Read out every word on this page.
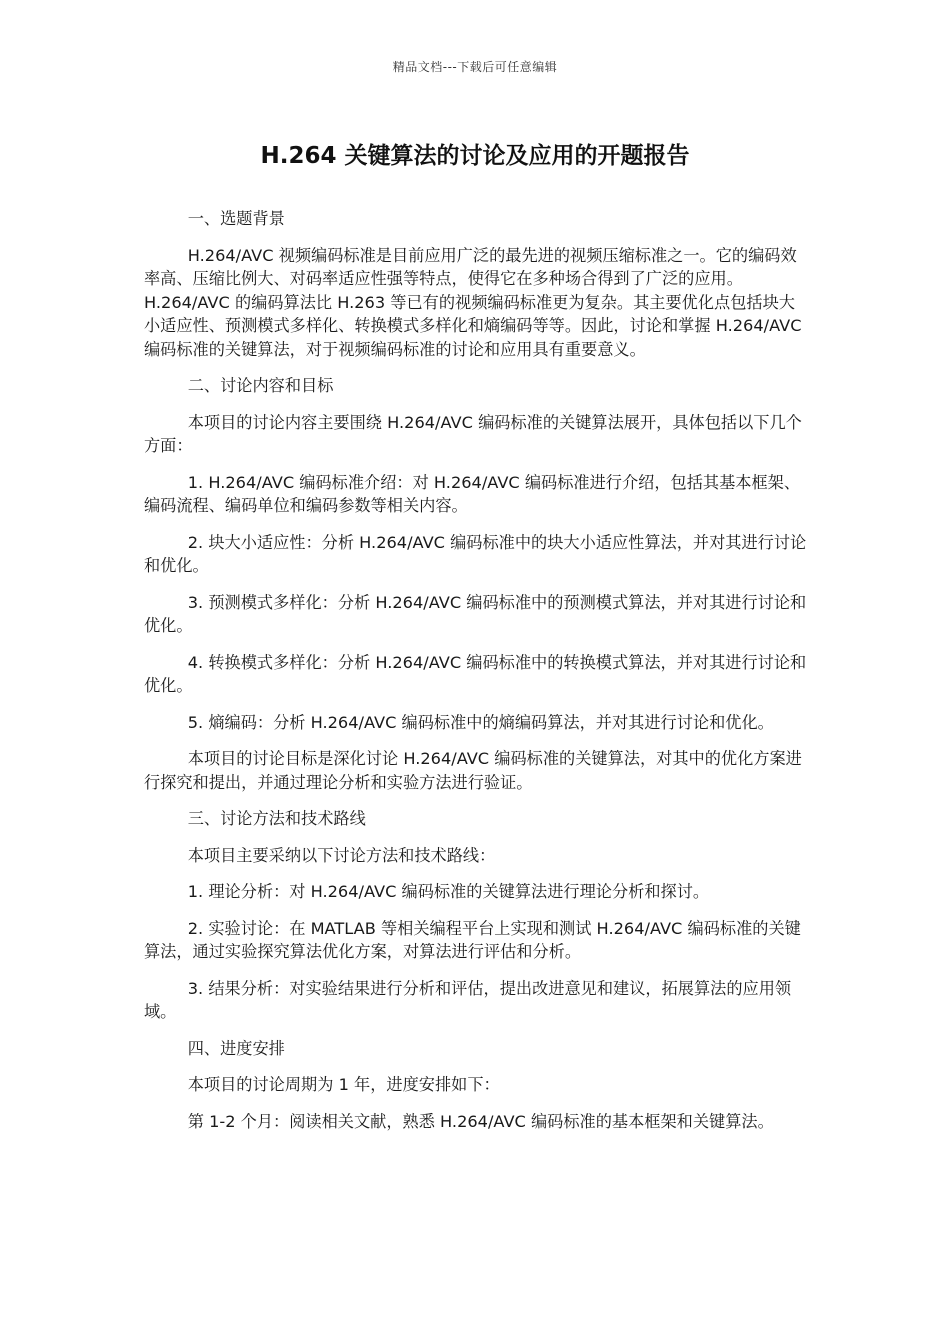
精品文档---下载后可任意编辑
H.264 关键算法的讨论及应用的开题报告

一、选题背景

H.264/AVC 视频编码标准是目前应用广泛的最先进的视频压缩标准之一。它的编码效率高、压缩比例大、对码率适应性强等特点，使得它在多种场合得到了广泛的应用。H.264/AVC 的编码算法比 H.263 等已有的视频编码标准更为复杂。其主要优化点包括块大小适应性、预测模式多样化、转换模式多样化和熵编码等等。因此，讨论和掌握 H.264/AVC 编码标准的关键算法，对于视频编码标准的讨论和应用具有重要意义。

二、讨论内容和目标

本项目的讨论内容主要围绕 H.264/AVC 编码标准的关键算法展开，具体包括以下几个方面：

1. H.264/AVC 编码标准介绍：对 H.264/AVC 编码标准进行介绍，包括其基本框架、编码流程、编码单位和编码参数等相关内容。

2. 块大小适应性：分析 H.264/AVC 编码标准中的块大小适应性算法，并对其进行讨论和优化。

3. 预测模式多样化：分析 H.264/AVC 编码标准中的预测模式算法，并对其进行讨论和优化。

4. 转换模式多样化：分析 H.264/AVC 编码标准中的转换模式算法，并对其进行讨论和优化。

5. 熵编码：分析 H.264/AVC 编码标准中的熵编码算法，并对其进行讨论和优化。

本项目的讨论目标是深化讨论 H.264/AVC 编码标准的关键算法，对其中的优化方案进行探究和提出，并通过理论分析和实验方法进行验证。

三、讨论方法和技术路线

本项目主要采纳以下讨论方法和技术路线：

1. 理论分析：对 H.264/AVC 编码标准的关键算法进行理论分析和探讨。

2. 实验讨论：在 MATLAB 等相关编程平台上实现和测试 H.264/AVC 编码标准的关键算法，通过实验探究算法优化方案，对算法进行评估和分析。

3. 结果分析：对实验结果进行分析和评估，提出改进意见和建议，拓展算法的应用领域。

四、进度安排

本项目的讨论周期为 1 年，进度安排如下：

第 1-2 个月：阅读相关文献，熟悉 H.264/AVC 编码标准的基本框架和关键算法。
